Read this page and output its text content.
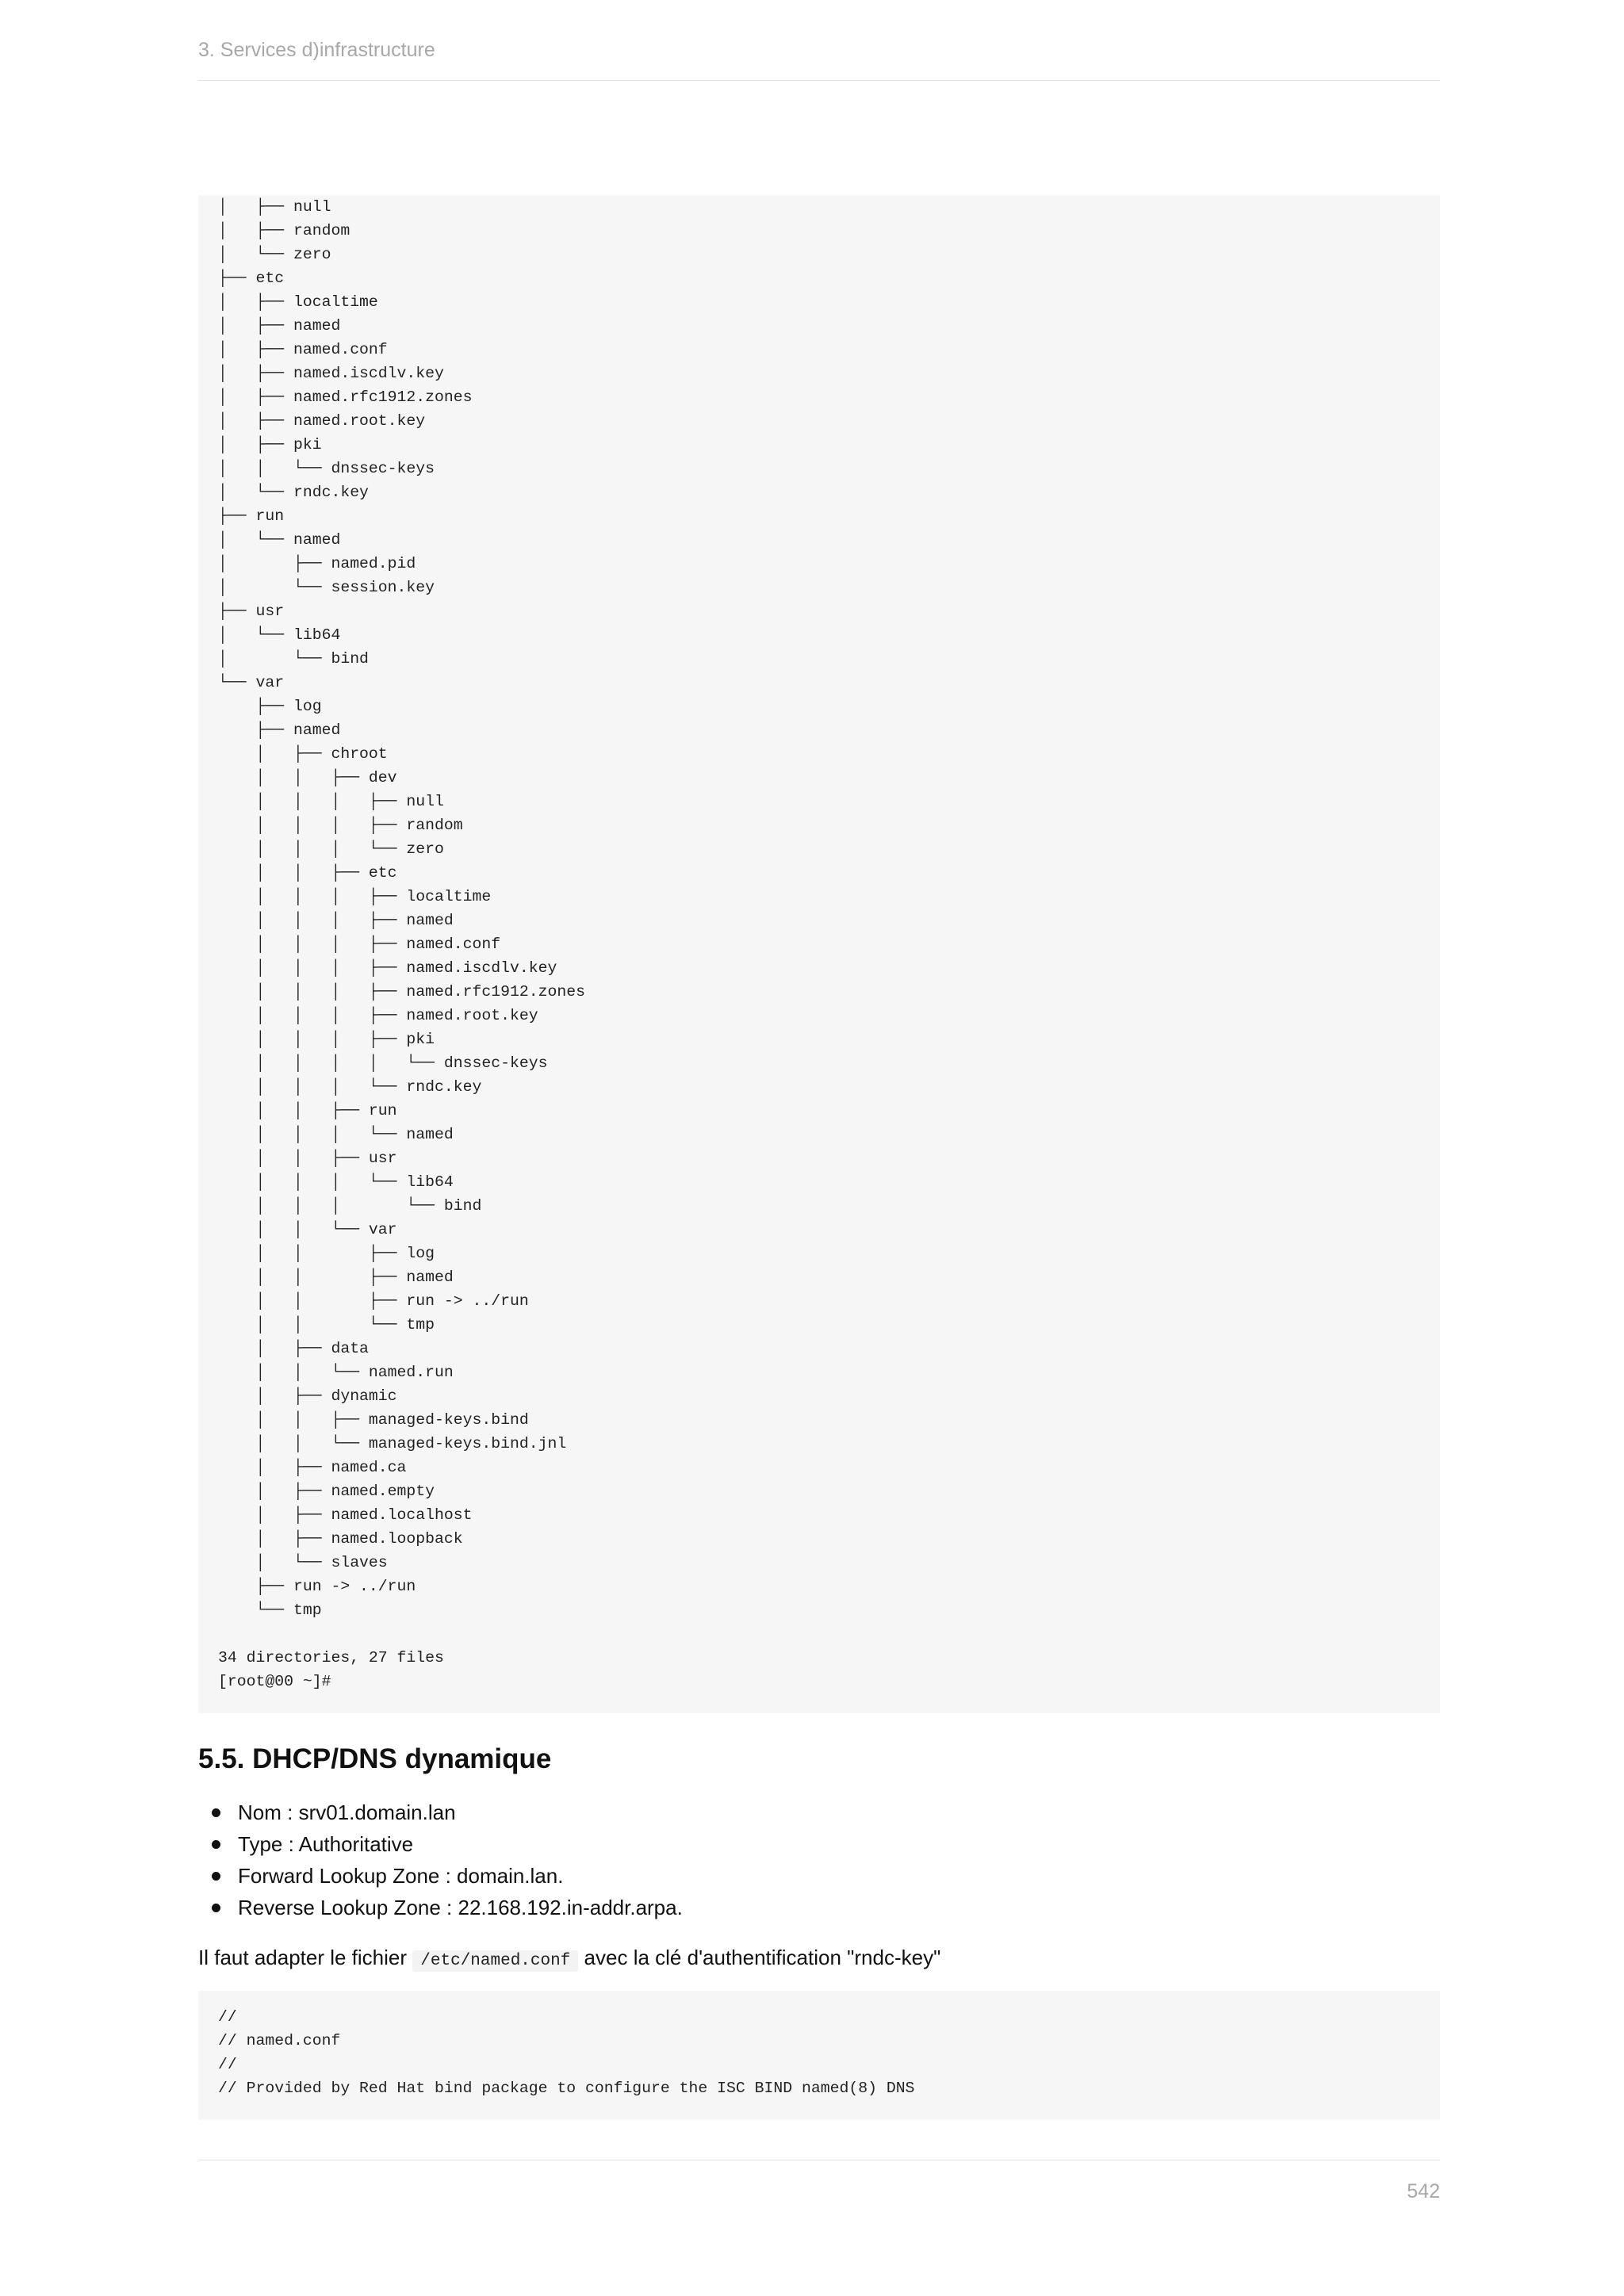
3. Services d)infrastructure
│   ├── null
│   ├── random
│   └── zero
├── etc
│   ├── localtime
│   ├── named
│   ├── named.conf
│   ├── named.iscdlv.key
│   ├── named.rfc1912.zones
│   ├── named.root.key
│   ├── pki
│   │   └── dnssec-keys
│   └── rndc.key
├── run
│   └── named
│       ├── named.pid
│       └── session.key
├── usr
│   └── lib64
│       └── bind
└── var
├── log
├── named
│   ├── chroot
│   │   ├── dev
│   │   │   ├── null
│   │   │   ├── random
│   │   │   └── zero
│   │   ├── etc
│   │   │   ├── localtime
│   │   │   ├── named
│   │   │   ├── named.conf
│   │   │   ├── named.iscdlv.key
│   │   │   ├── named.rfc1912.zones
│   │   │   ├── named.root.key
│   │   │   ├── pki
│   │   │   │   └── dnssec-keys
│   │   │   └── rndc.key
│   │   ├── run
│   │   │   └── named
│   │   ├── usr
│   │   │   └── lib64
│   │   │       └── bind
│   │   └── var
│   │       ├── log
│   │       ├── named
│   │       ├── run -> ../run
│   │       └── tmp
│   ├── data
│   │   └── named.run
│   ├── dynamic
│   │   ├── managed-keys.bind
│   │   └── managed-keys.bind.jnl
│   ├── named.ca
│   ├── named.empty
│   ├── named.localhost
│   ├── named.loopback
│   └── slaves
├── run -> ../run
└── tmp
34 directories, 27 files
[root@00 ~]#
5.5. DHCP/DNS dynamique
Nom : srv01.domain.lan
Type : Authoritative
Forward Lookup Zone : domain.lan.
Reverse Lookup Zone : 22.168.192.in-addr.arpa.

Il faut adapter le fichier /etc/named.conf avec la clé d'authentification "rndc-key"

//
// named.conf
//
// Provided by Red Hat bind package to configure the ISC BIND named(8) DNS
542
